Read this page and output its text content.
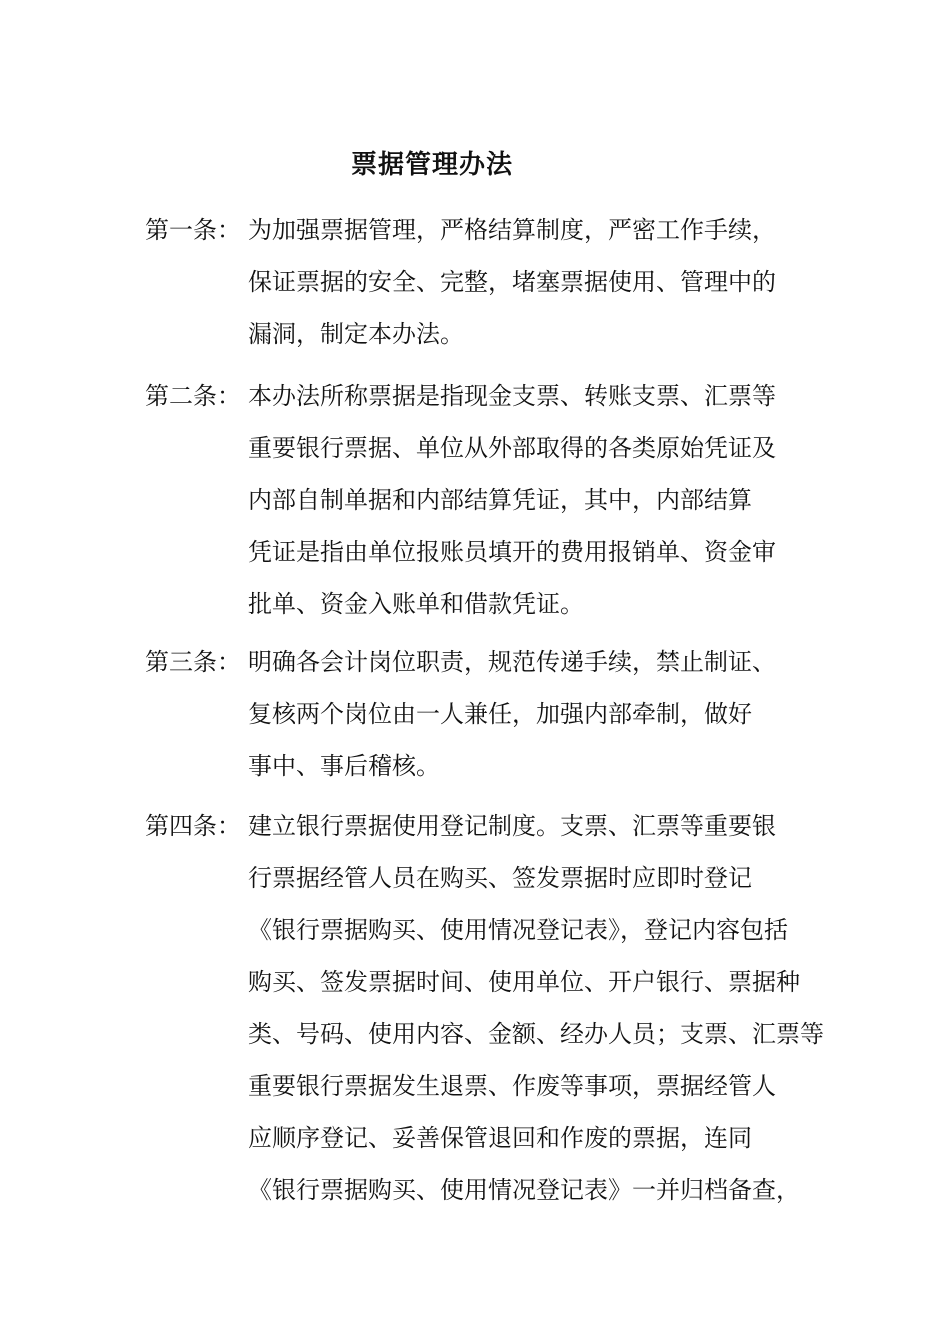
票据管理办法
第一条： 为加强票据管理，严格结算制度，严密工作手续，
保证票据的安全、完整，堵塞票据使用、管理中的
漏洞，制定本办法。
第二条： 本办法所称票据是指现金支票、转账支票、汇票等
重要银行票据、单位从外部取得的各类原始凭证及
内部自制单据和内部结算凭证，其中，内部结算
凭证是指由单位报账员填开的费用报销单、资金审
批单、资金入账单和借款凭证。
第三条： 明确各会计岗位职责，规范传递手续，禁止制证、
复核两个岗位由一人兼任，加强内部牵制，做好
事中、事后稽核。
第四条： 建立银行票据使用登记制度。支票、汇票等重要银
行票据经管人员在购买、签发票据时应即时登记
《银行票据购买、使用情况登记表》，登记内容包括
购买、签发票据时间、使用单位、开户银行、票据种
类、号码、使用内容、金额、经办人员；支票、汇票等
重要银行票据发生退票、作废等事项，票据经管人
应顺序登记、妥善保管退回和作废的票据，连同
《银行票据购买、使用情况登记表》一并归档备查，
